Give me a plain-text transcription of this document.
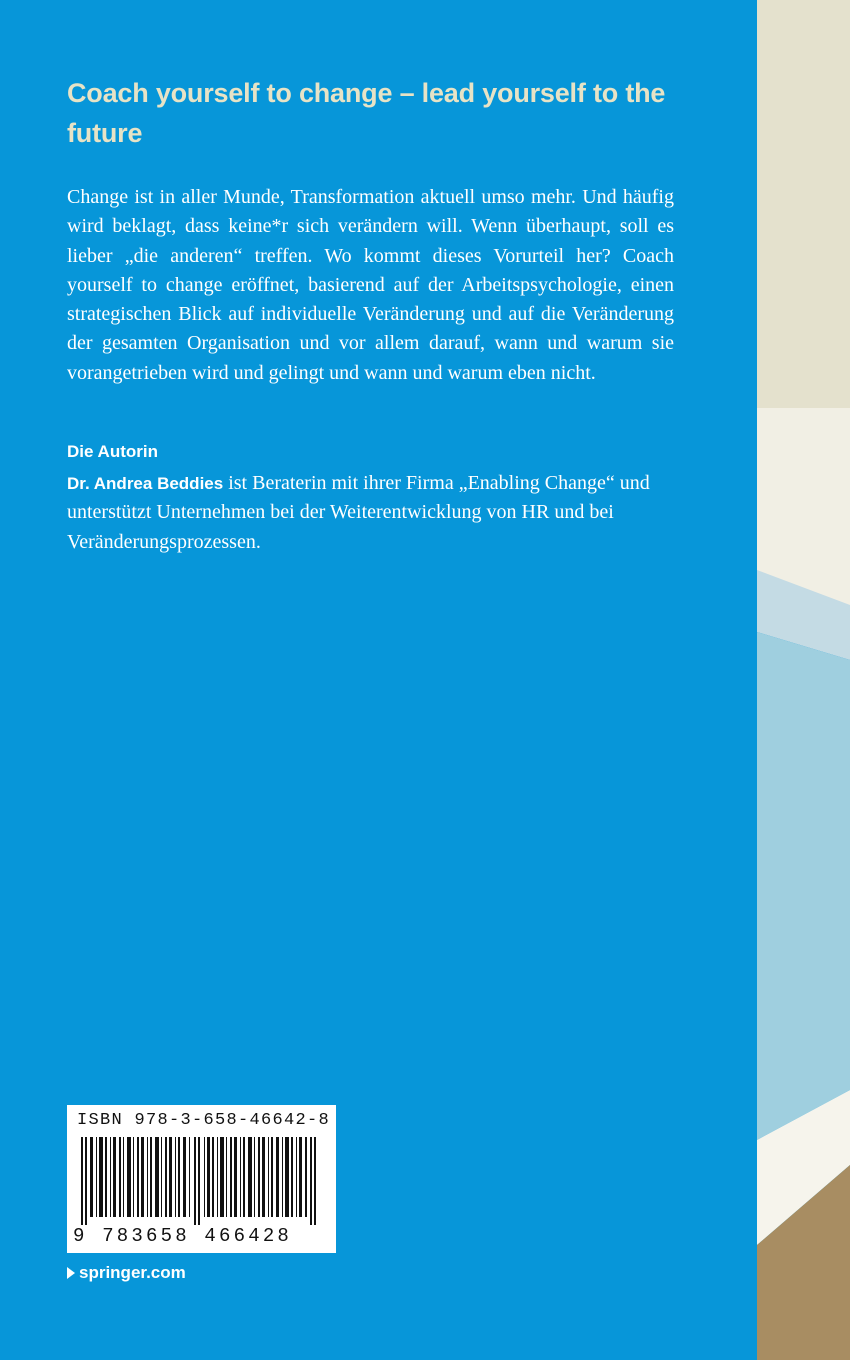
Coach yourself to change – lead yourself to the future
Change ist in aller Munde, Transformation aktuell umso mehr. Und häufig wird beklagt, dass keine*r sich verändern will. Wenn überhaupt, soll es lieber „die anderen“ treffen. Wo kommt dieses Vorurteil her? Coach yourself to change eröffnet, basierend auf der Arbeitspsychologie, einen strategischen Blick auf individuelle Veränderung und auf die Veränderung der gesamten Organisation und vor allem darauf, wann und warum sie vorangetrieben wird und gelingt und wann und warum eben nicht.
Die Autorin
Dr. Andrea Beddies ist Beraterin mit ihrer Firma „Enabling Change“ und unterstützt Unternehmen bei der Weiterentwicklung von HR und bei Veränderungsprozessen.
ISBN 978-3-658-46642-8
9 783658 466428
springer.com
